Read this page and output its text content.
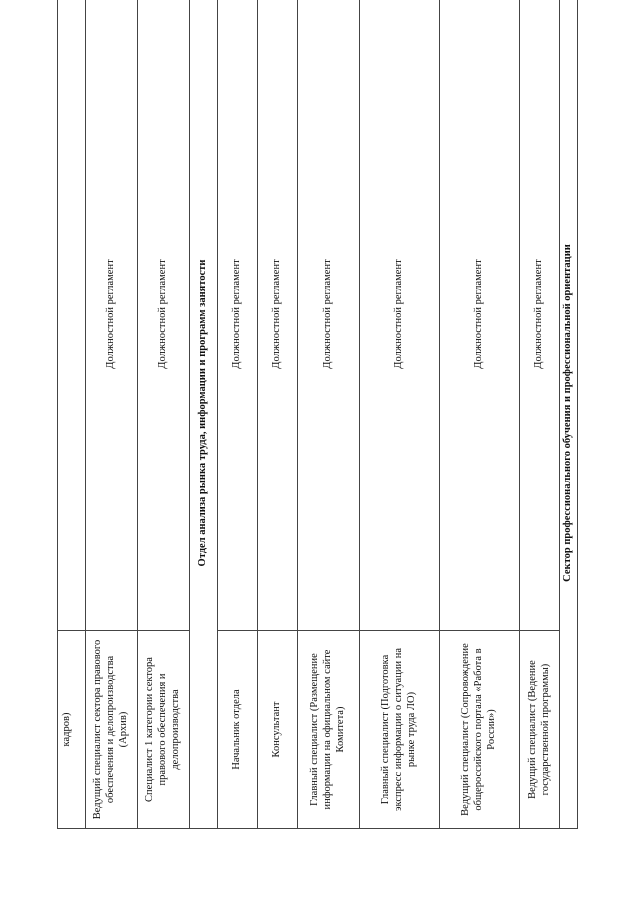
кадров)	
Ведущий специалист сектора правового обеспечения и делопроизводства (Архив)	Должностной регламент
Специалист 1 категории сектора правового обеспечения и делопроизводства	Должностной регламент
Отдел анализа рынка труда, информации и программ занятости	
Начальник отдела	Должностной регламент
Консультант	Должностной регламент
Главный специалист (Размещение информации на официальном сайте Комитета)	Должностной регламент
Главный специалист (Подготовка экспресс информации о ситуации на рынке труда ЛО)	Должностной регламент
Ведущий специалист (Сопровождение общероссийского портала «Работа в России»)	Должностной регламент
Ведущий специалист (Ведение государственной программы)	Должностной регламент
Сектор профессионального обучения и профессиональной ориентации	
